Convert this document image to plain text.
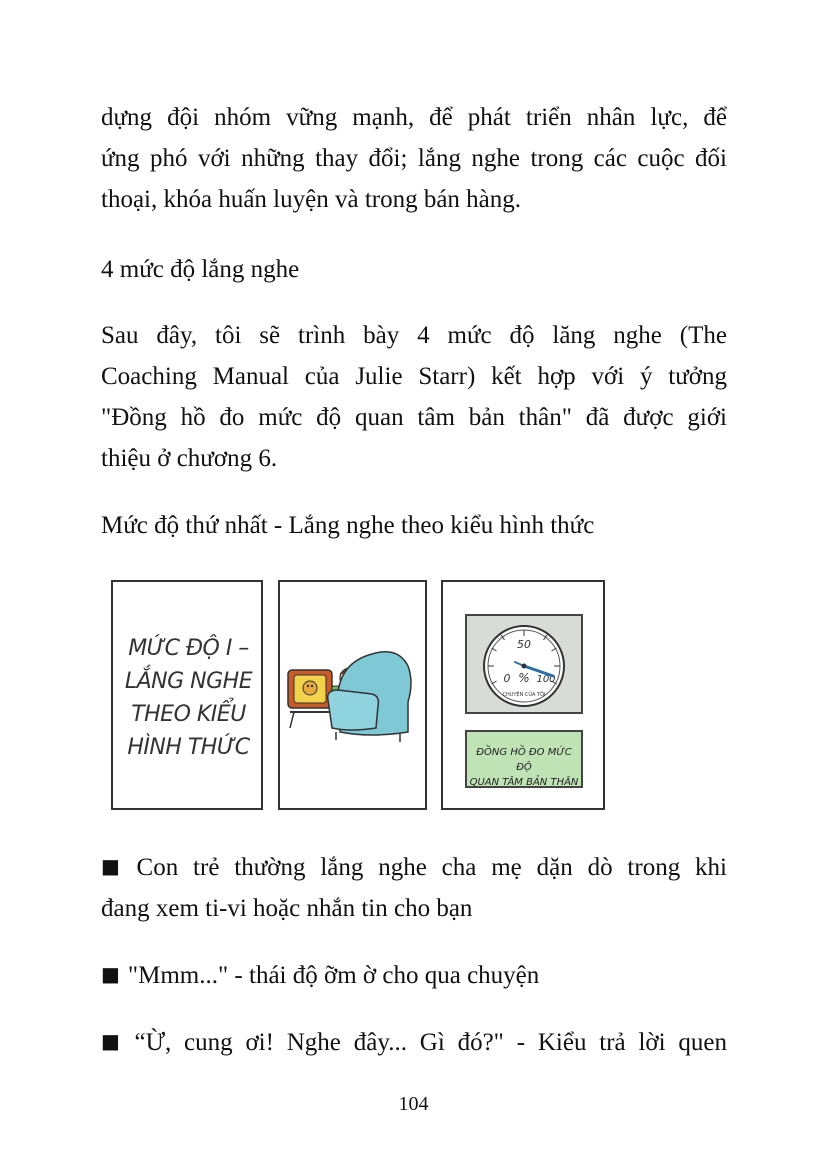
dựng đội nhóm vững mạnh, để phát triển nhân lực, để
ứng phó với những thay đổi; lắng nghe trong các cuộc đối
thoại, khóa huấn luyện và trong bán hàng.

4 mức độ lắng nghe

Sau đây, tôi sẽ trình bày 4 mức độ lăng nghe (The
Coaching Manual của Julie Starr) kết hợp với ý tưởng
"Đồng hồ đo mức độ quan tâm bản thân" đã được giới
thiệu ở chương 6.

Mức độ thứ nhất - Lắng nghe theo kiểu hình thức

MỨC ĐỘ I –
LẮNG NGHE
THEO KIỂU
HÌNH THỨC
50
0 % 100
CHUYỆN CỦA TÔI
ĐỒNG HỒ ĐO MỨC ĐỘ
QUAN TÂM BẢN THÂN
■ Con trẻ thường lắng nghe cha mẹ dặn dò trong khi
đang xem ti-vi hoặc nhắn tin cho bạn
■ "Mmm..." - thái độ ỡm ờ cho qua chuyện
■ “Ừ, cung ơi! Nghe đây... Gì đó?" - Kiểu trả lời quen
104
